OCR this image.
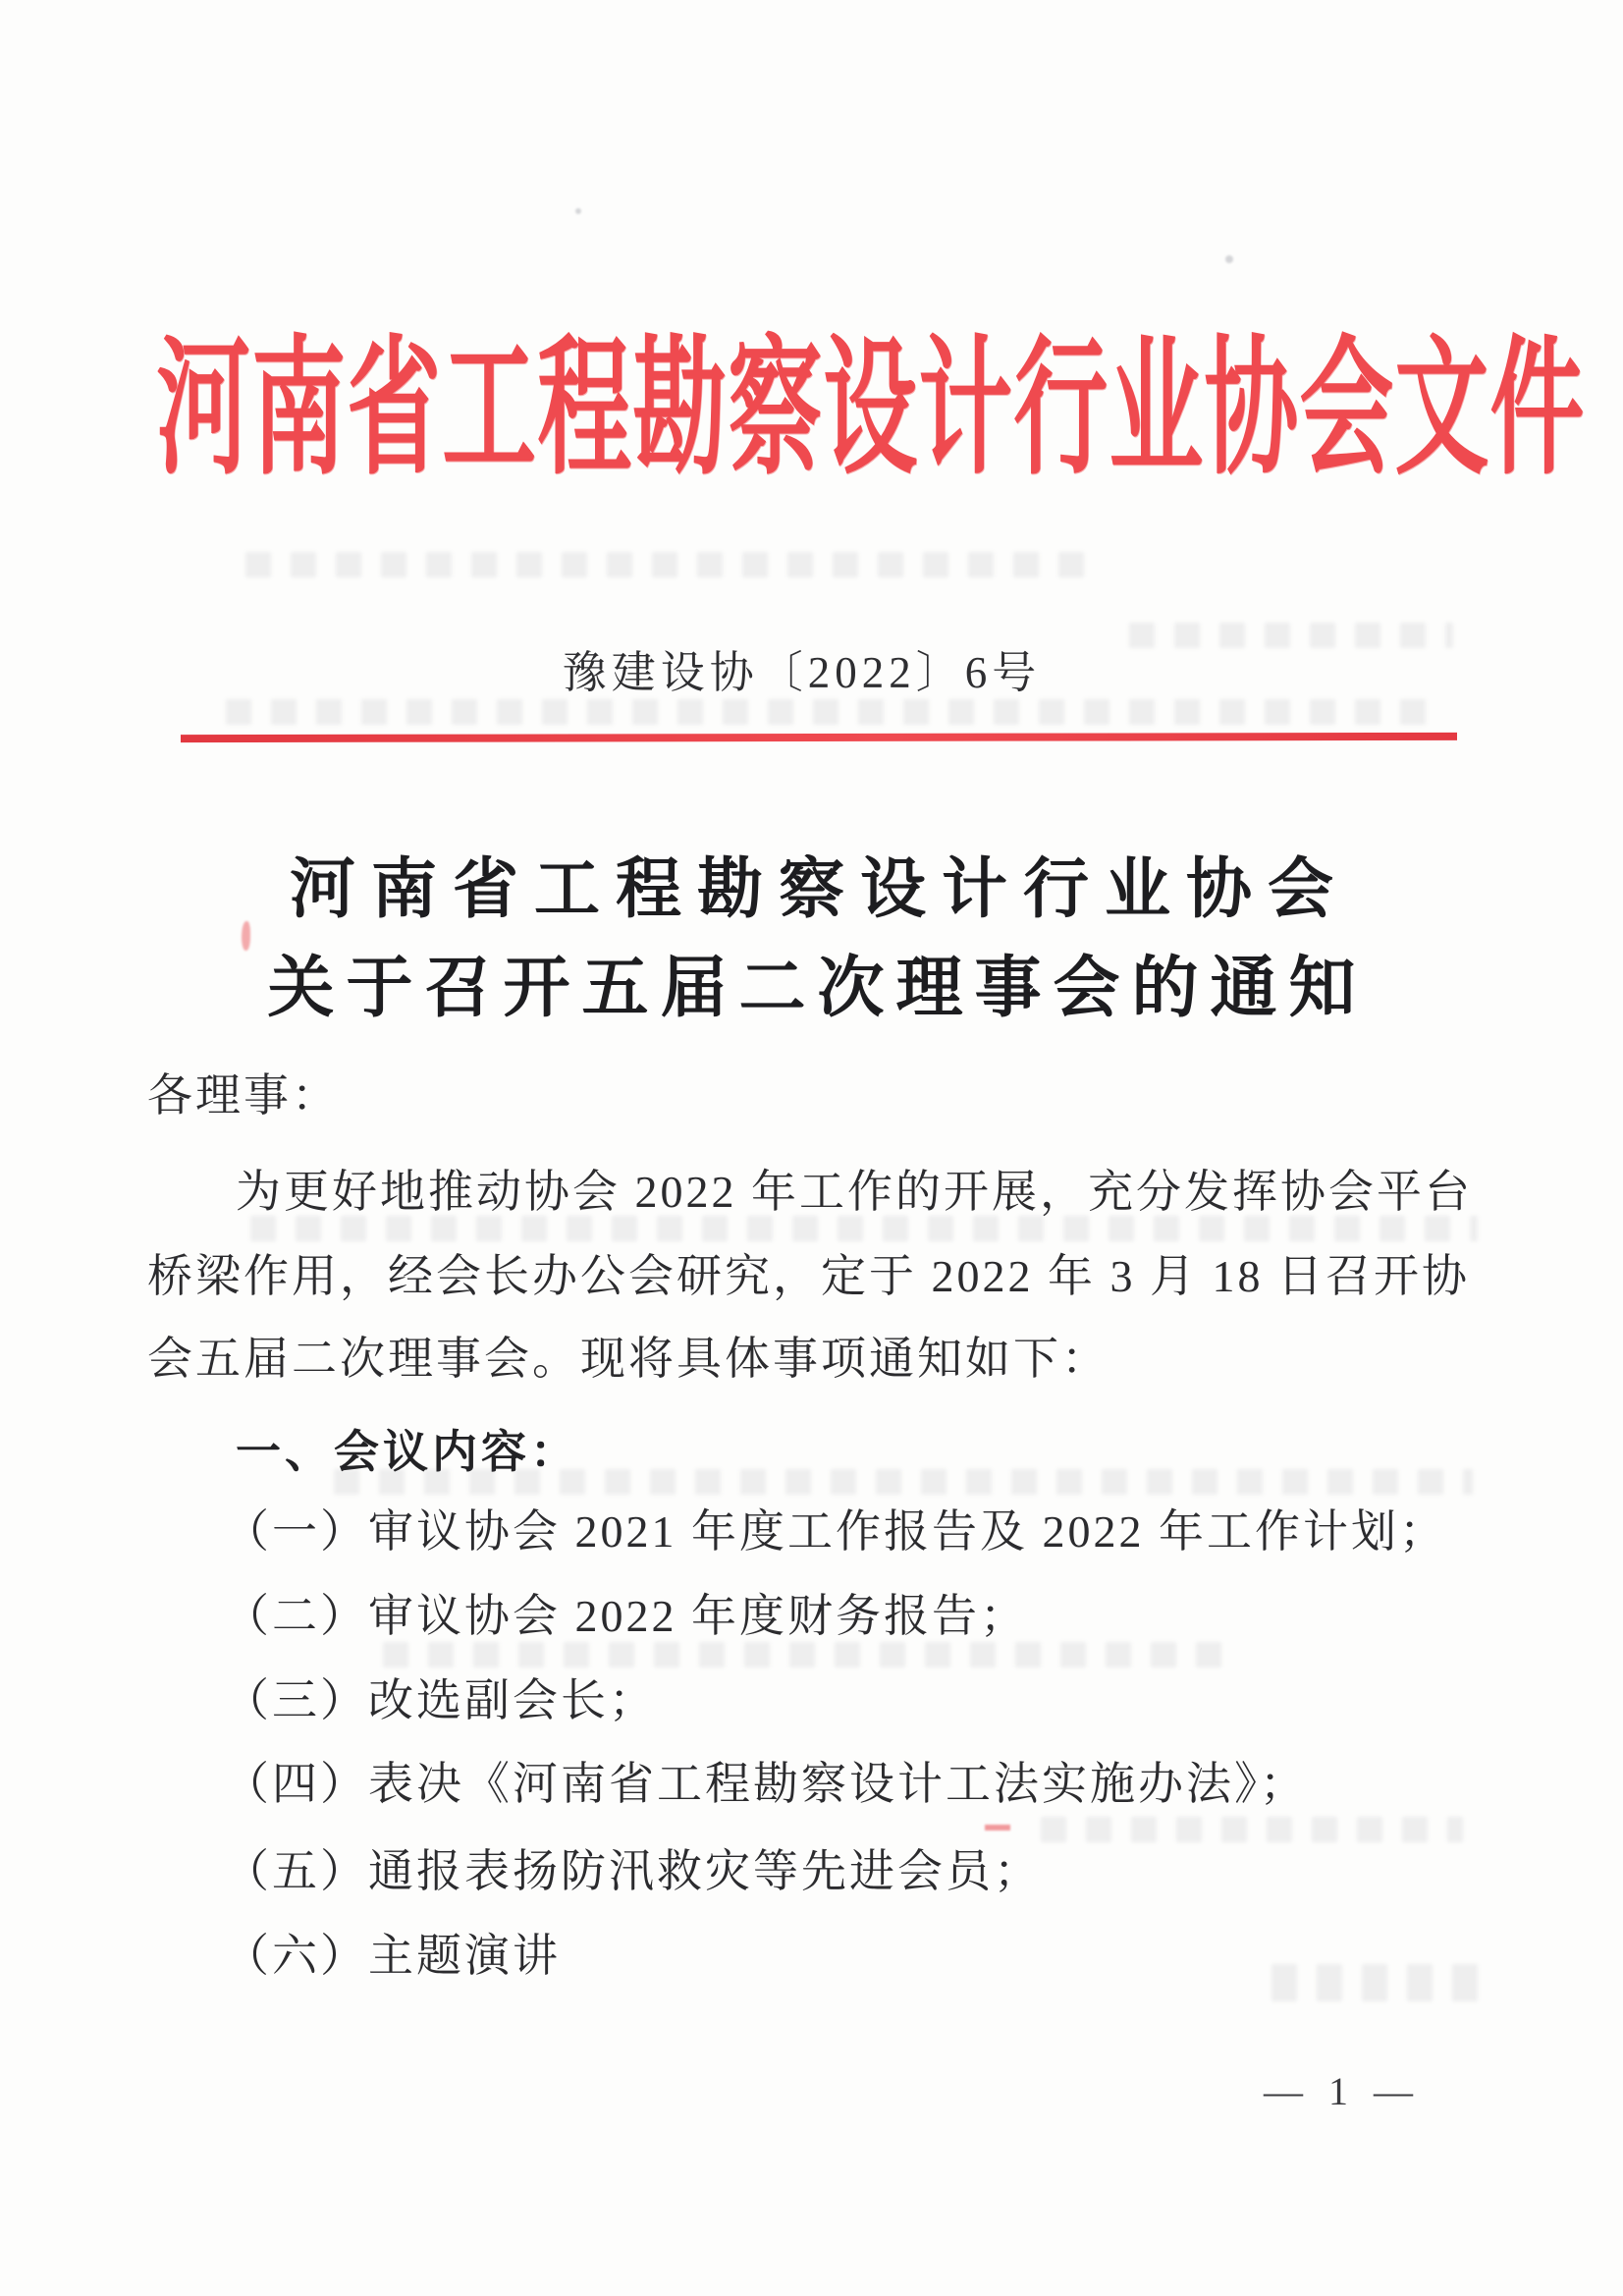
河南省工程勘察设计行业协会文件
豫建设协〔2022〕6号
河南省工程勘察设计行业协会
关于召开五届二次理事会的通知
各理事：
为更好地推动协会 2022 年工作的开展，充分发挥协会平台
桥梁作用，经会长办公会研究，定于 2022 年 3 月 18 日召开协
会五届二次理事会。现将具体事项通知如下：
一、会议内容：
（一）审议协会 2021 年度工作报告及 2022 年工作计划；
（二）审议协会 2022 年度财务报告；
（三）改选副会长；
（四）表决《河南省工程勘察设计工法实施办法》；
（五）通报表扬防汛救灾等先进会员；
（六）主题演讲
— 1 —
